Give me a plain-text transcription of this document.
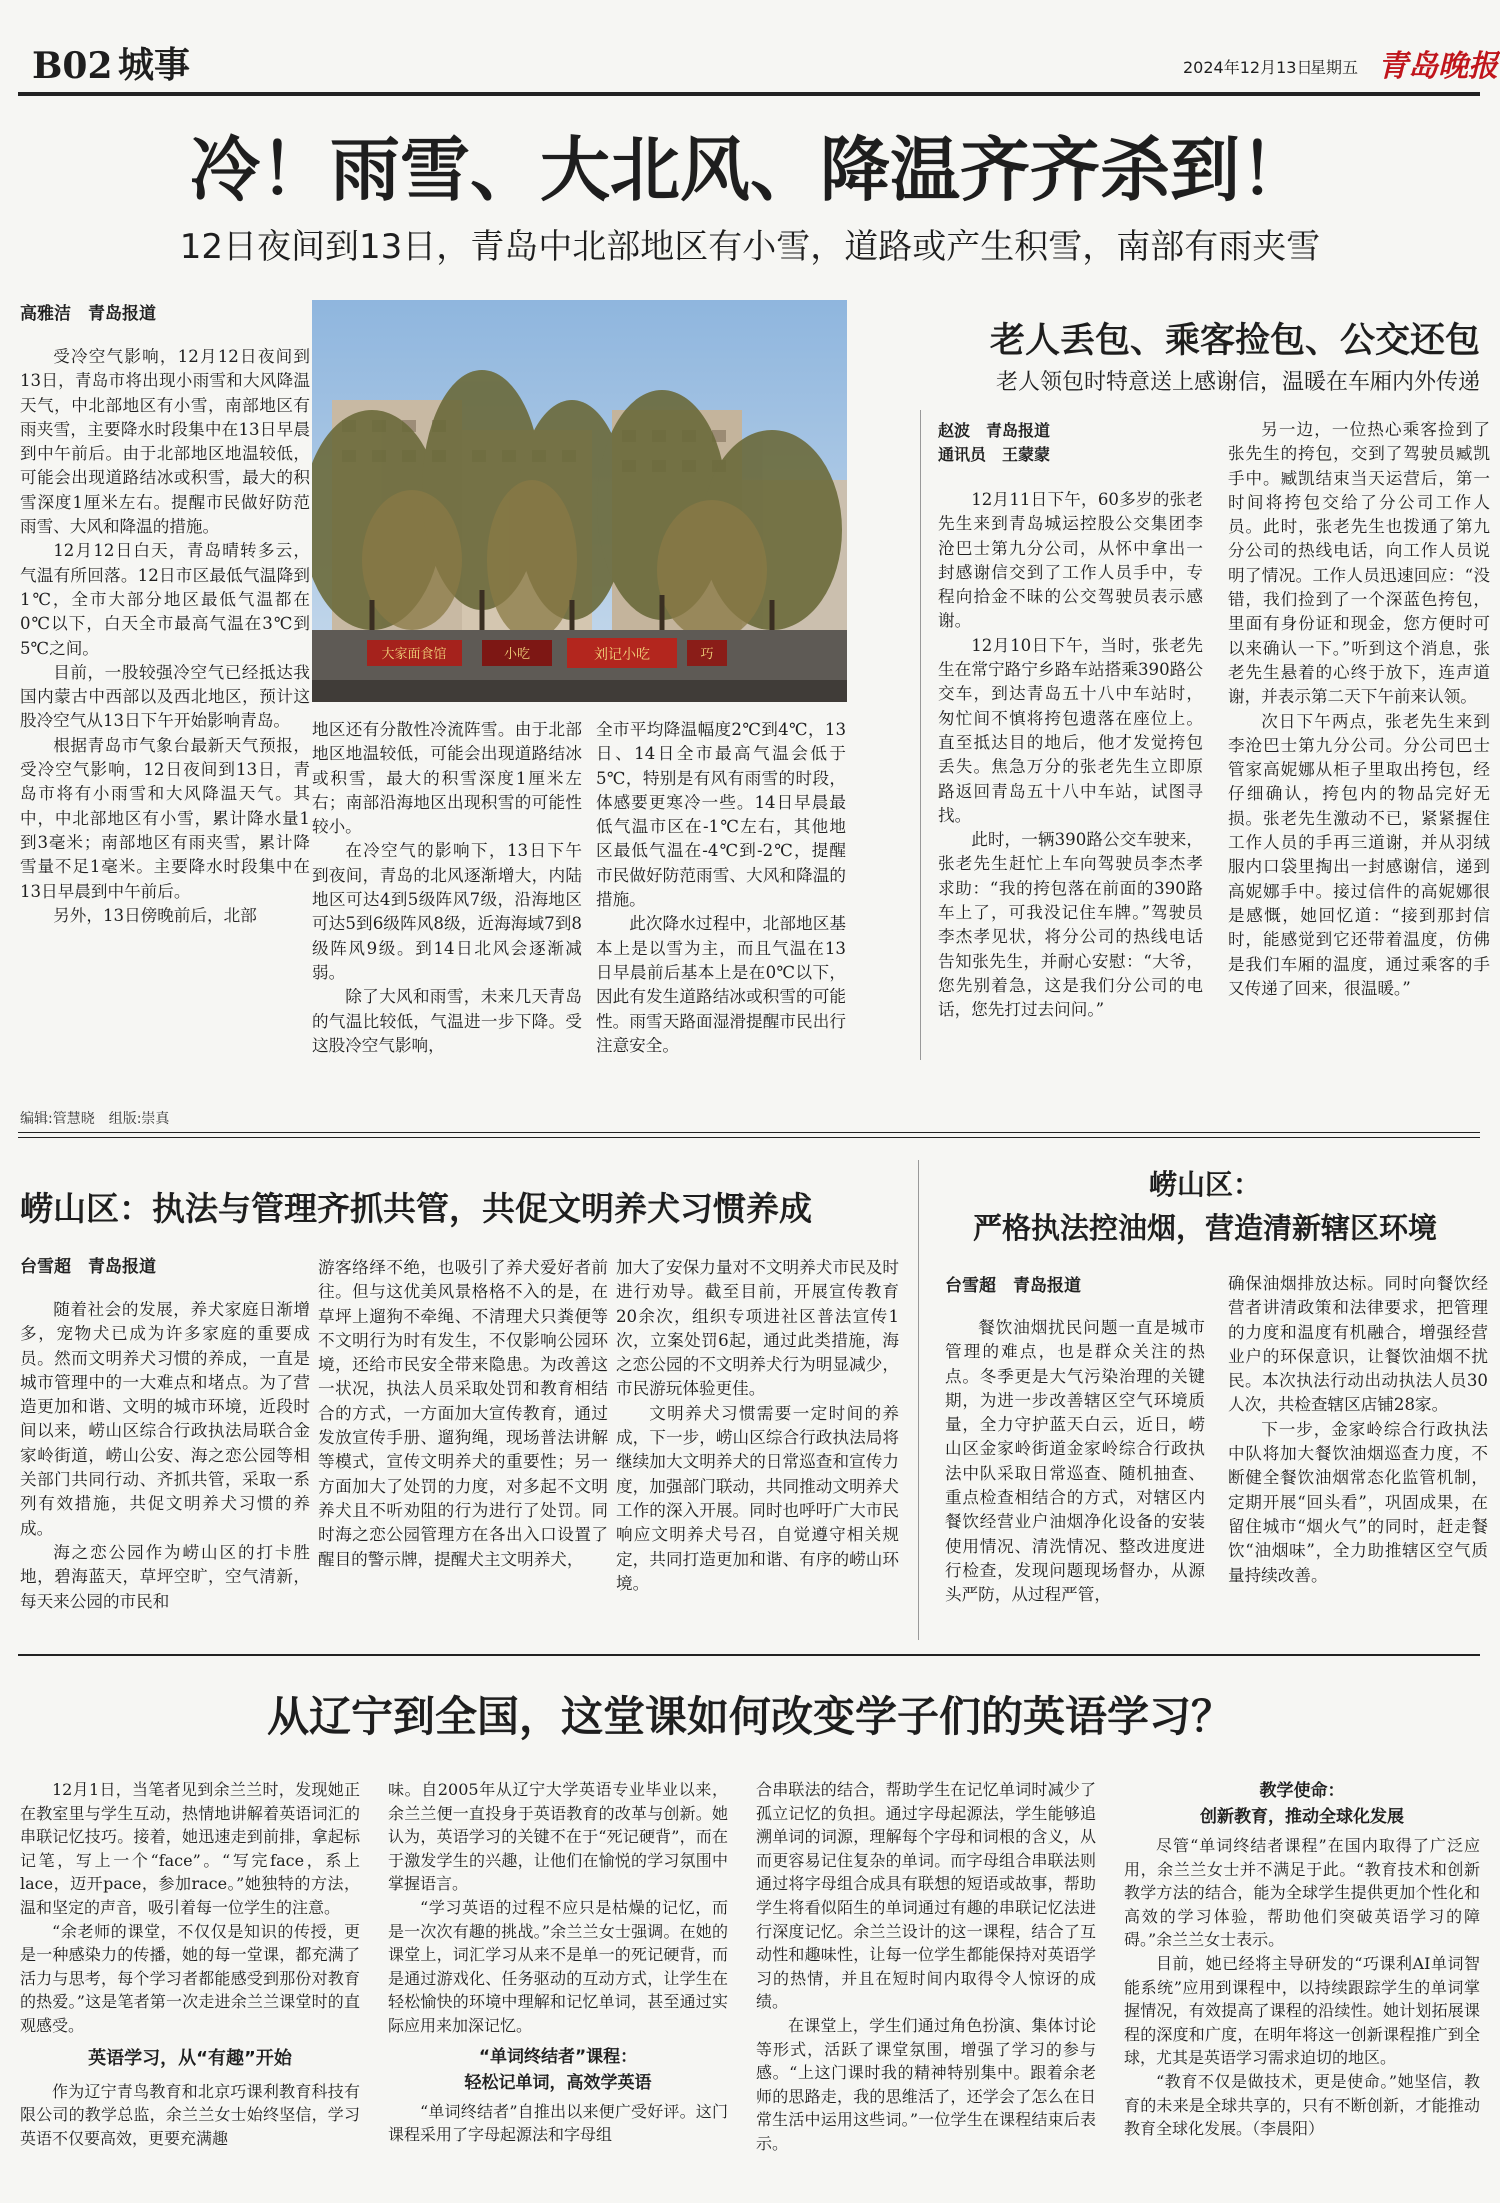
B02 城事	2024年12月13日
星期五 青岛晚报
冷！雨雪、大北风、降温齐齐杀到！
12日夜间到13日，青岛中北部地区有小雪，道路或产生积雪，南部有雨夹雪
高雅洁　青岛报道

受冷空气影响，12月12日夜间到13日，青岛市将出现小雨雪和大风降温天气，中北部地区有小雪，南部地区有雨夹雪，主要降水时段集中在13日早晨到中午前后。由于北部地区地温较低，可能会出现道路结冰或积雪，最大的积雪深度1厘米左右。提醒市民做好防范雨雪、大风和降温的措施。

12月12日白天，青岛晴转多云，气温有所回落。12日市区最低气温降到1℃，全市大部分地区最低气温都在0℃以下，白天全市最高气温在3℃到5℃之间。

目前，一股较强冷空气已经抵达我国内蒙古中西部以及西北地区，预计这股冷空气从13日下午开始影响青岛。

根据青岛市气象台最新天气预报，受冷空气影响，12日夜间到13日，青岛市将有小雨雪和大风降温天气。其中，中北部地区有小雪，累计降水量1到3毫米；南部地区有雨夹雪，累计降雪量不足1毫米。主要降水时段集中在13日早晨到中午前后。

另外，13日傍晚前后，北部

大家面食馆	小吃	刘记小吃	巧

地区还有分散性冷流阵雪。由于北部地区地温较低，可能会出现道路结冰或积雪，最大的积雪深度1厘米左右；南部沿海地区出现积雪的可能性较小。

在冷空气的影响下，13日下午到夜间，青岛的北风逐渐增大，内陆地区可达4到5级阵风7级，沿海地区可达5到6级阵风8级，近海海域7到8级阵风9级。到14日北风会逐渐减弱。

除了大风和雨雪，未来几天青岛的气温比较低，气温进一步下降。受这股冷空气影响，

全市平均降温幅度2℃到4℃，13日、14日全市最高气温会低于5℃，特别是有风有雨雪的时段，体感要更寒冷一些。14日早晨最低气温市区在-1℃左右，其他地区最低气温在-4℃到-2℃，提醒市民做好防范雨雪、大风和降温的措施。

此次降水过程中，北部地区基本上是以雪为主，而且气温在13日早晨前后基本上是在0℃以下，因此有发生道路结冰或积雪的可能性。雨雪天路面湿滑提醒市民出行注意安全。

老人丢包、乘客捡包、公交还包
老人领包时特意送上感谢信，温暖在车厢内外传递
赵波　青岛报道
通讯员　王蒙蒙

12月11日下午，60多岁的张老先生来到青岛城运控股公交集团李沧巴士第九分公司，从怀中拿出一封感谢信交到了工作人员手中，专程向拾金不昧的公交驾驶员表示感谢。

12月10日下午，当时，张老先生在常宁路宁乡路车站搭乘390路公交车，到达青岛五十八中车站时，匆忙间不慎将挎包遗落在座位上。直至抵达目的地后，他才发觉挎包丢失。焦急万分的张老先生立即原路返回青岛五十八中车站，试图寻找。

此时，一辆390路公交车驶来，张老先生赶忙上车向驾驶员李杰孝求助：“我的挎包落在前面的390路车上了，可我没记住车牌。”驾驶员李杰孝见状，将分公司的热线电话告知张先生，并耐心安慰：“大爷，您先别着急，这是我们分公司的电话，您先打过去问问。”

另一边，一位热心乘客捡到了张先生的挎包，交到了驾驶员臧凯手中。臧凯结束当天运营后，第一时间将挎包交给了分公司工作人员。此时，张老先生也拨通了第九分公司的热线电话，向工作人员说明了情况。工作人员迅速回应：“没错，我们捡到了一个深蓝色挎包，里面有身份证和现金，您方便时可以来确认一下。”听到这个消息，张老先生悬着的心终于放下，连声道谢，并表示第二天下午前来认领。

次日下午两点，张老先生来到李沧巴士第九分公司。分公司巴士管家高妮娜从柜子里取出挎包，经仔细确认，挎包内的物品完好无损。张老先生激动不已，紧紧握住工作人员的手再三道谢，并从羽绒服内口袋里掏出一封感谢信，递到高妮娜手中。接过信件的高妮娜很是感慨，她回忆道：“接到那封信时，能感觉到它还带着温度，仿佛是我们车厢的温度，通过乘客的手又传递了回来，很温暖。”

编辑:管慧晓　组版:崇真
崂山区：执法与管理齐抓共管，共促文明养犬习惯养成
台雪超　青岛报道

随着社会的发展，养犬家庭日渐增多，宠物犬已成为许多家庭的重要成员。然而文明养犬习惯的养成，一直是城市管理中的一大难点和堵点。为了营造更加和谐、文明的城市环境，近段时间以来，崂山区综合行政执法局联合金家岭街道，崂山公安、海之恋公园等相关部门共同行动、齐抓共管，采取一系列有效措施，共促文明养犬习惯的养成。

海之恋公园作为崂山区的打卡胜地，碧海蓝天，草坪空旷，空气清新，每天来公园的市民和

游客络绎不绝，也吸引了养犬爱好者前往。但与这优美风景格格不入的是，在草坪上遛狗不牵绳、不清理犬只粪便等不文明行为时有发生，不仅影响公园环境，还给市民安全带来隐患。为改善这一状况，执法人员采取处罚和教育相结合的方式，一方面加大宣传教育，通过发放宣传手册、遛狗绳，现场普法讲解等模式，宣传文明养犬的重要性；另一方面加大了处罚的力度，对多起不文明养犬且不听劝阻的行为进行了处罚。同时海之恋公园管理方在各出入口设置了醒目的警示牌，提醒犬主文明养犬，

加大了安保力量对不文明养犬市民及时进行劝导。截至目前，开展宣传教育20余次，组织专项进社区普法宣传1次，立案处罚6起，通过此类措施，海之恋公园的不文明养犬行为明显减少，市民游玩体验更佳。

文明养犬习惯需要一定时间的养成，下一步，崂山区综合行政执法局将继续加大文明养犬的日常巡查和宣传力度，加强部门联动，共同推动文明养犬工作的深入开展。同时也呼吁广大市民响应文明养犬号召，自觉遵守相关规定，共同打造更加和谐、有序的崂山环境。

崂山区：
严格执法控油烟，营造清新辖区环境
台雪超　青岛报道

餐饮油烟扰民问题一直是城市管理的难点，也是群众关注的热点。冬季更是大气污染治理的关键期，为进一步改善辖区空气环境质量，全力守护蓝天白云，近日，崂山区金家岭街道金家岭综合行政执法中队采取日常巡查、随机抽查、重点检查相结合的方式，对辖区内餐饮经营业户油烟净化设备的安装使用情况、清洗情况、整改进度进行检查，发现问题现场督办，从源头严防，从过程严管，

确保油烟排放达标。同时向餐饮经营者讲清政策和法律要求，把管理的力度和温度有机融合，增强经营业户的环保意识，让餐饮油烟不扰民。本次执法行动出动执法人员30人次，共检查辖区店铺28家。

下一步，金家岭综合行政执法中队将加大餐饮油烟巡查力度，不断健全餐饮油烟常态化监管机制，定期开展“回头看”，巩固成果，在留住城市“烟火气”的同时，赶走餐饮“油烟味”，全力助推辖区空气质量持续改善。

从辽宁到全国，这堂课如何改变学子们的英语学习？

12月1日，当笔者见到余兰兰时，发现她正在教室里与学生互动，热情地讲解着英语词汇的串联记忆技巧。接着，她迅速走到前排，拿起标记笔，写上一个“face”。“写完face，系上lace，迈开pace，参加race。”她独特的方法，温和坚定的声音，吸引着每一位学生的注意。

“余老师的课堂，不仅仅是知识的传授，更是一种感染力的传播，她的每一堂课，都充满了活力与思考，每个学习者都能感受到那份对教育的热爱。”这是笔者第一次走进余兰兰课堂时的直观感受。

英语学习，从“有趣”开始

作为辽宁青鸟教育和北京巧课利教育科技有限公司的教学总监，余兰兰女士始终坚信，学习英语不仅要高效，更要充满趣

味。自2005年从辽宁大学英语专业毕业以来，余兰兰便一直投身于英语教育的改革与创新。她认为，英语学习的关键不在于“死记硬背”，而在于激发学生的兴趣，让他们在愉悦的学习氛围中掌握语言。

“学习英语的过程不应只是枯燥的记忆，而是一次次有趣的挑战。”余兰兰女士强调。在她的课堂上，词汇学习从来不是单一的死记硬背，而是通过游戏化、任务驱动的互动方式，让学生在轻松愉快的环境中理解和记忆单词，甚至通过实际应用来加深记忆。

“单词终结者”课程：
轻松记单词，高效学英语

“单词终结者”自推出以来便广受好评。这门课程采用了字母起源法和字母组

合串联法的结合，帮助学生在记忆单词时减少了孤立记忆的负担。通过字母起源法，学生能够追溯单词的词源，理解每个字母和词根的含义，从而更容易记住复杂的单词。而字母组合串联法则通过将字母组合成具有联想的短语或故事，帮助学生将看似陌生的单词通过有趣的串联记忆法进行深度记忆。余兰兰设计的这一课程，结合了互动性和趣味性，让每一位学生都能保持对英语学习的热情，并且在短时间内取得令人惊讶的成绩。

在课堂上，学生们通过角色扮演、集体讨论等形式，活跃了课堂氛围，增强了学习的参与感。“上这门课时我的精神特别集中。跟着余老师的思路走，我的思维活了，还学会了怎么在日常生活中运用这些词。”一位学生在课程结束后表示。

教学使命：
创新教育，推动全球化发展

尽管“单词终结者课程”在国内取得了广泛应用，余兰兰女士并不满足于此。“教育技术和创新教学方法的结合，能为全球学生提供更加个性化和高效的学习体验，帮助他们突破英语学习的障碍。”余兰兰女士表示。

目前，她已经将主导研发的“巧课利AI单词智能系统”应用到课程中，以持续跟踪学生的单词掌握情况，有效提高了课程的沿续性。她计划拓展课程的深度和广度，在明年将这一创新课程推广到全球，尤其是英语学习需求迫切的地区。

“教育不仅是做技术，更是使命。”她坚信，教育的未来是全球共享的，只有不断创新，才能推动教育全球化发展。（李晨阳）
